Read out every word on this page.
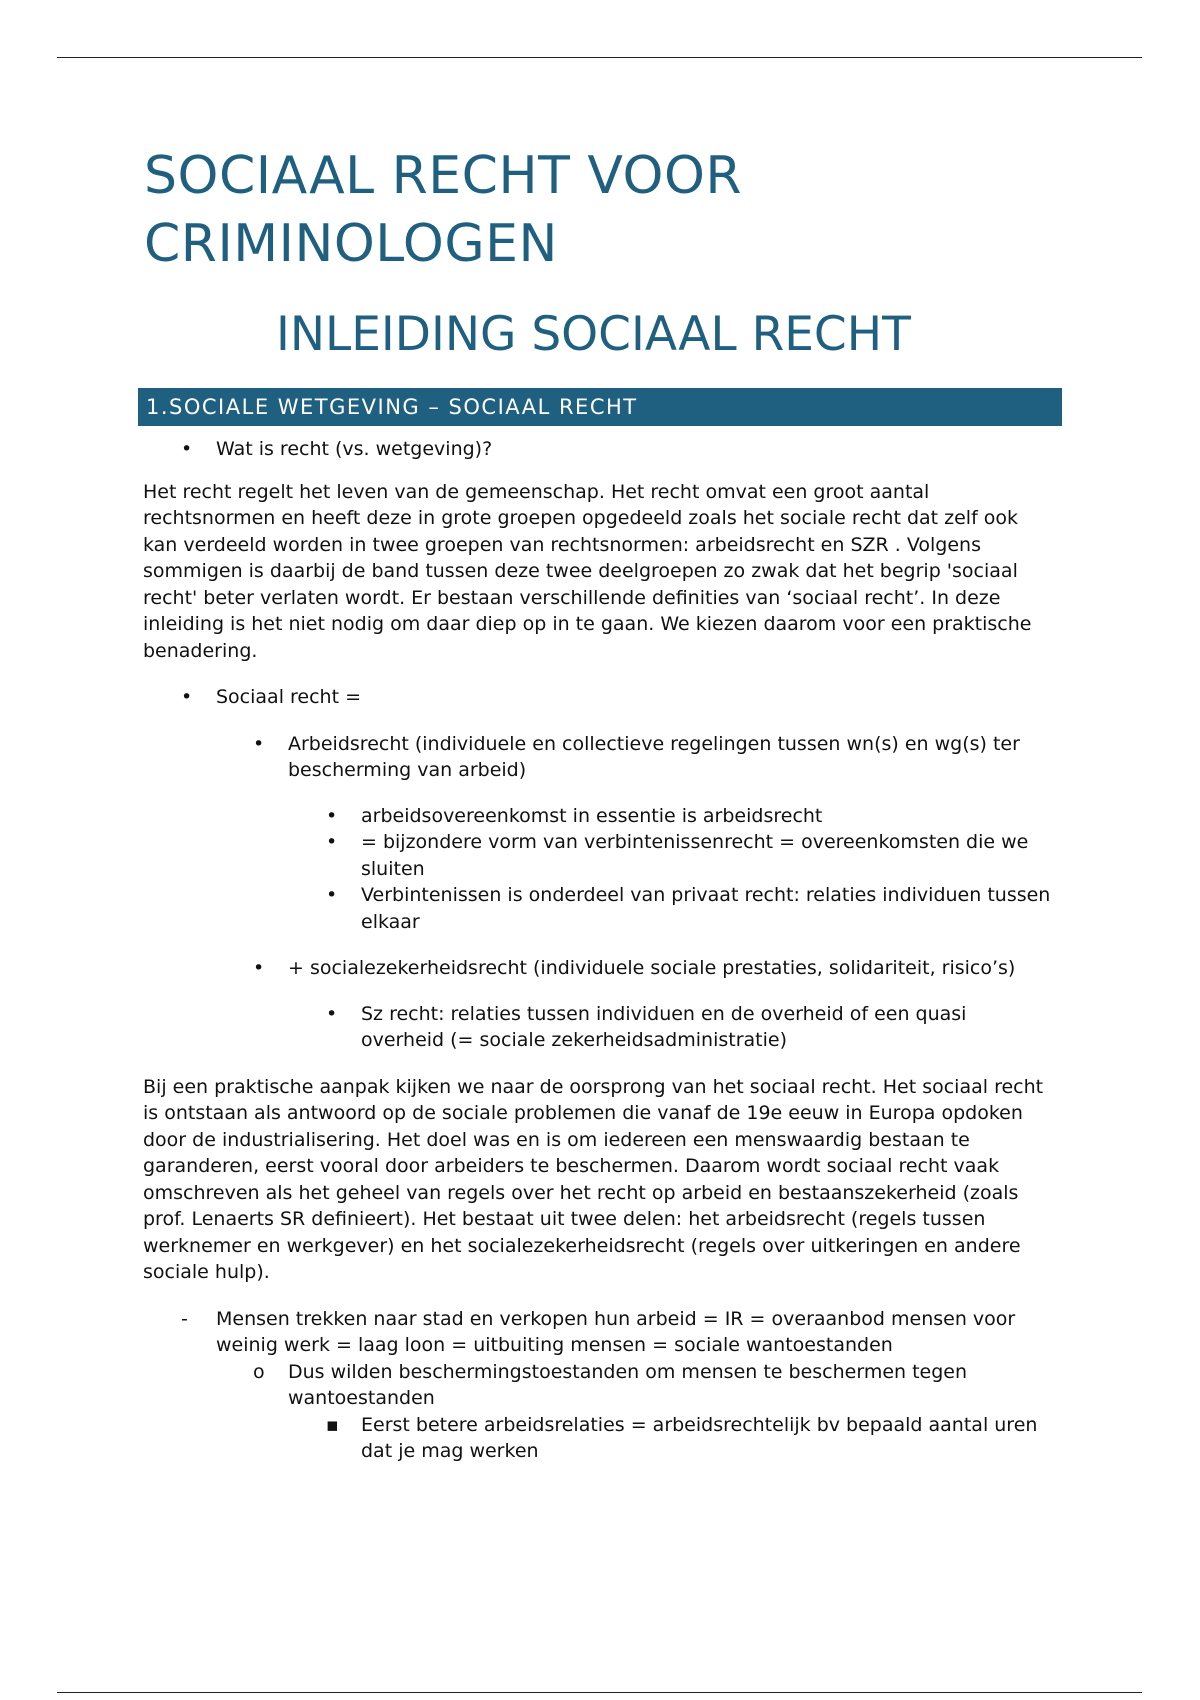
SOCIAAL RECHT VOOR CRIMINOLOGEN
INLEIDING SOCIAAL RECHT
1.SOCIALE WETGEVING – SOCIAAL RECHT
• Wat is recht (vs. wetgeving)?

Het recht regelt het leven van de gemeenschap. Het recht omvat een groot aantal rechtsnormen en heeft deze in grote groepen opgedeeld zoals het sociale recht dat zelf ook kan verdeeld worden in twee groepen van rechtsnormen: arbeidsrecht en SZR . Volgens sommigen is daarbij de band tussen deze twee deelgroepen zo zwak dat het begrip 'sociaal recht' beter verlaten wordt. Er bestaan verschillende definities van ‘sociaal recht’. In deze inleiding is het niet nodig om daar diep op in te gaan. We kiezen daarom voor een praktische benadering.

• Sociaal recht =
• Arbeidsrecht (individuele en collectieve regelingen tussen wn(s) en wg(s) ter bescherming van arbeid)
• arbeidsovereenkomst in essentie is arbeidsrecht
• = bijzondere vorm van verbintenissenrecht = overeenkomsten die we sluiten
• Verbintenissen is onderdeel van privaat recht: relaties individuen tussen elkaar
• + socialezekerheidsrecht (individuele sociale prestaties, solidariteit, risico’s)
• Sz recht: relaties tussen individuen en de overheid of een quasi overheid (= sociale zekerheidsadministratie)

Bij een praktische aanpak kijken we naar de oorsprong van het sociaal recht. Het sociaal recht is ontstaan als antwoord op de sociale problemen die vanaf de 19e eeuw in Europa opdoken door de industrialisering. Het doel was en is om iedereen een menswaardig bestaan te garanderen, eerst vooral door arbeiders te beschermen. Daarom wordt sociaal recht vaak omschreven als het geheel van regels over het recht op arbeid en bestaanszekerheid (zoals prof. Lenaerts SR definieert). Het bestaat uit twee delen: het arbeidsrecht (regels tussen werknemer en werkgever) en het socialezekerheidsrecht (regels over uitkeringen en andere sociale hulp).

- Mensen trekken naar stad en verkopen hun arbeid = IR = overaanbod mensen voor weinig werk = laag loon = uitbuiting mensen = sociale wantoestanden
o Dus wilden beschermingstoestanden om mensen te beschermen tegen wantoestanden
▪ Eerst betere arbeidsrelaties = arbeidsrechtelijk bv bepaald aantal uren dat je mag werken
